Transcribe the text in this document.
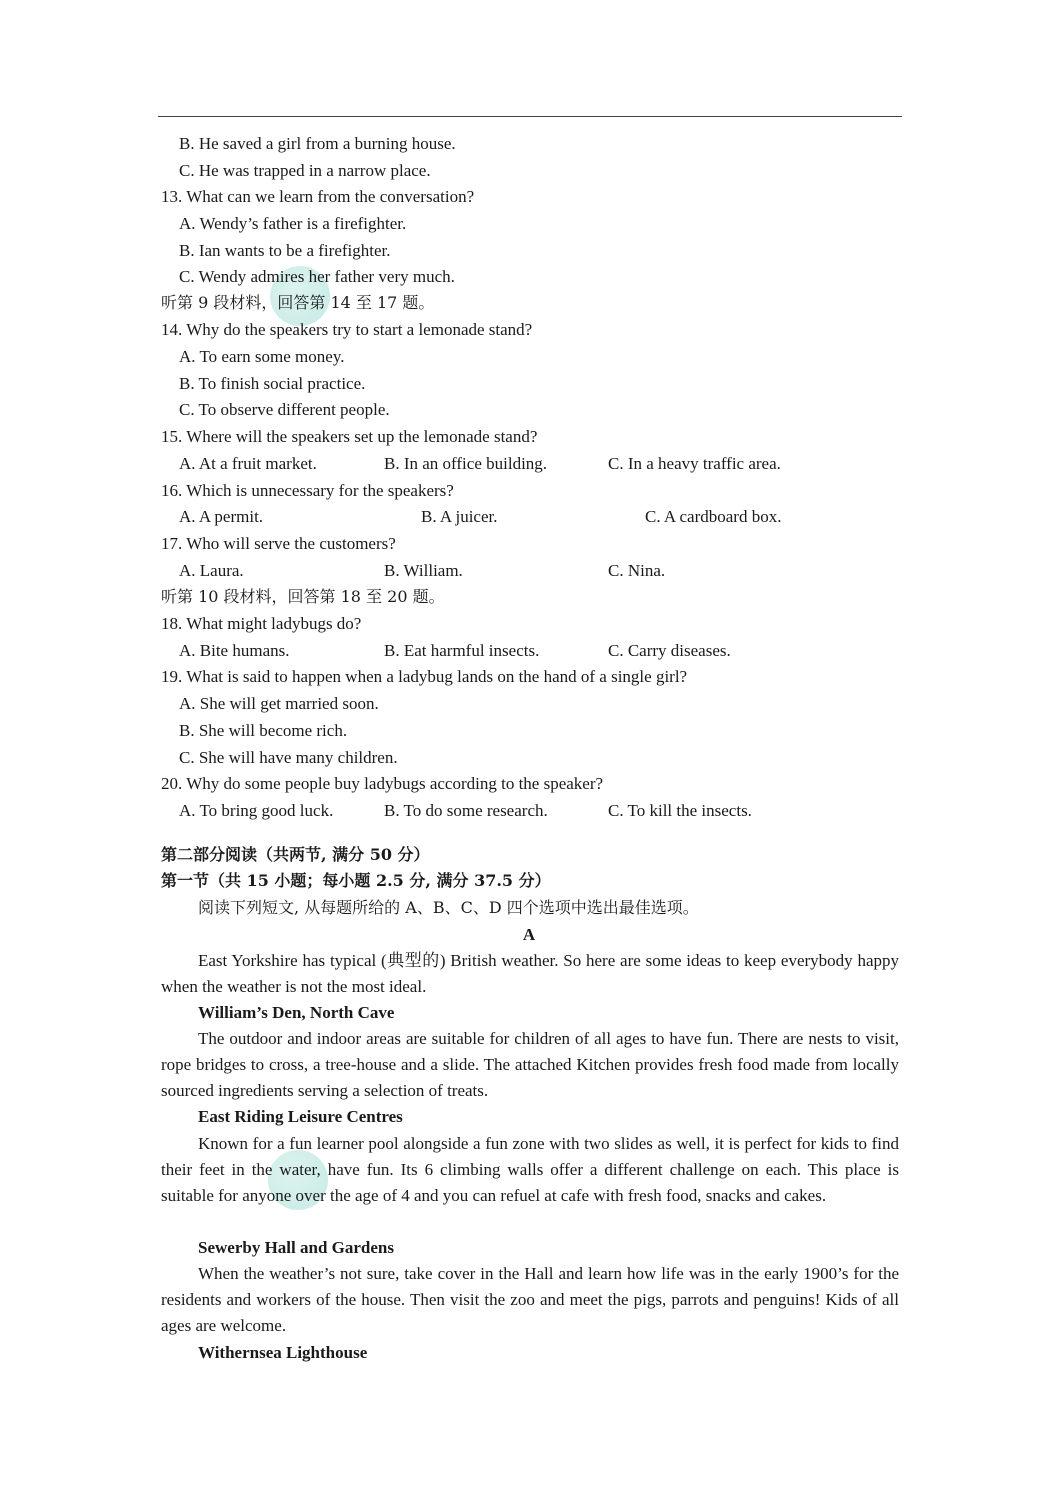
B. He saved a girl from a burning house.
C. He was trapped in a narrow place.
13. What can we learn from the conversation?
A. Wendy’s father is a firefighter.
B. Ian wants to be a firefighter.
C. Wendy admires her father very much.
听第 9 段材料，回答第 14 至 17 题。
14. Why do the speakers try to start a lemonade stand?
A. To earn some money.
B. To finish social practice.
C. To observe different people.
15. Where will the speakers set up the lemonade stand?
A. At a fruit market.	B. In an office building.	C. In a heavy traffic area.
16. Which is unnecessary for the speakers?
A. A permit.	B. A juicer.	C. A cardboard box.
17. Who will serve the customers?
A. Laura.	B. William.	C. Nina.
听第 10 段材料，回答第 18 至 20 题。
18. What might ladybugs do?
A. Bite humans.	B. Eat harmful insects.	C. Carry diseases.
19. What is said to happen when a ladybug lands on the hand of a single girl?
A. She will get married soon.
B. She will become rich.
C. She will have many children.
20. Why do some people buy ladybugs according to the speaker?
A. To bring good luck.	B. To do some research.	C. To kill the insects.
第二部分阅读（共两节, 满分 50 分）
第一节（共 15 小题；每小题 2.5 分, 满分 37.5 分）
阅读下列短文, 从每题所给的 A、B、C、D 四个选项中选出最佳选项。
A
East Yorkshire has typical (典型的) British weather. So here are some ideas to keep everybody happy when the weather is not the most ideal.
William’s Den, North Cave
The outdoor and indoor areas are suitable for children of all ages to have fun. There are nests to visit, rope bridges to cross, a tree-house and a slide. The attached Kitchen provides fresh food made from locally sourced ingredients serving a selection of treats.
East Riding Leisure Centres
Known for a fun learner pool alongside a fun zone with two slides as well, it is perfect for kids to find their feet in the water, have fun. Its 6 climbing walls offer a different challenge on each. This place is suitable for anyone over the age of 4 and you can refuel at cafe with fresh food, snacks and cakes.
Sewerby Hall and Gardens
When the weather’s not sure, take cover in the Hall and learn how life was in the early 1900’s for the residents and workers of the house. Then visit the zoo and meet the pigs, parrots and penguins! Kids of all ages are welcome.
Withernsea Lighthouse
